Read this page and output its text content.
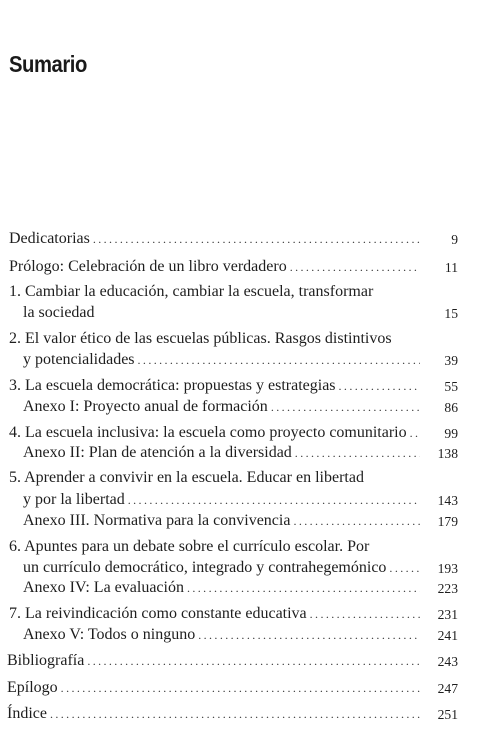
Sumario
Dedicatorias .....	9
Prólogo: Celebración de un libro verdadero .....	11
1. Cambiar la educación, cambiar la escuela, transformar
la sociedad	15
2. El valor ético de las escuelas públicas. Rasgos distintivos
y potencialidades .....	39
3. La escuela democrática: propuestas y estrategias .....	55
Anexo I: Proyecto anual de formación .....	86
4. La escuela inclusiva: la escuela como proyecto comunitario .....	99
Anexo II: Plan de atención a la diversidad .....	138
5. Aprender a convivir en la escuela. Educar en libertad
y por la libertad .....	143
Anexo III. Normativa para la convivencia .....	179
6. Apuntes para un debate sobre el currículo escolar. Por
un currículo democrático, integrado y contrahegemónico .....	193
Anexo IV: La evaluación .....	223
7. La reivindicación como constante educativa .....	231
Anexo V: Todos o ninguno .....	241
Bibliografía .....	243
Epílogo .....	247
Índice .....	251
